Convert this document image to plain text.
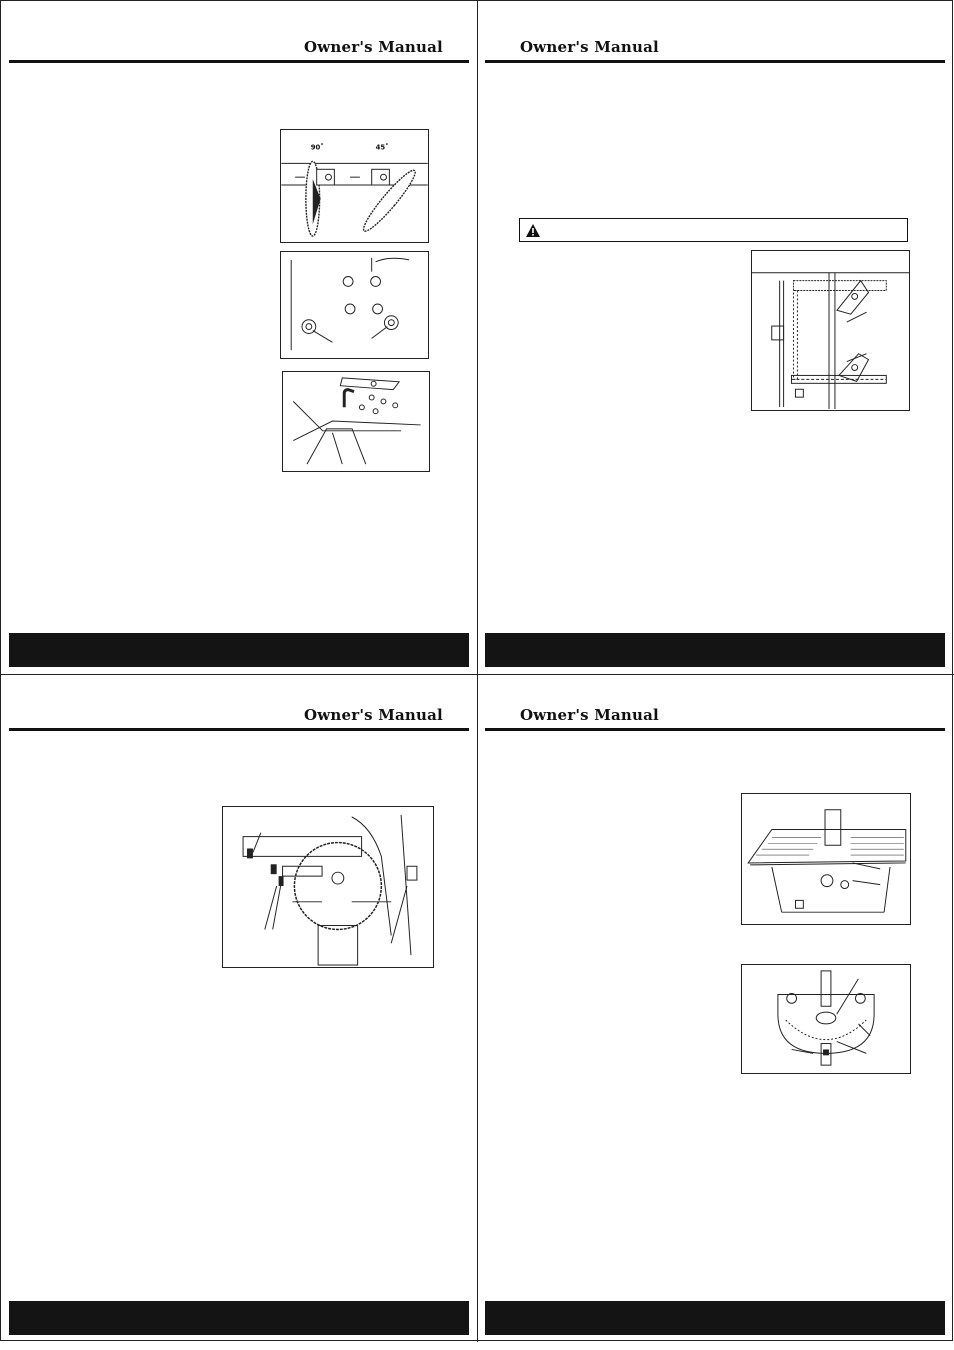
Owner's Manual
90˚	45˚
Owner's Manual
Owner's Manual	Owner's Manual
